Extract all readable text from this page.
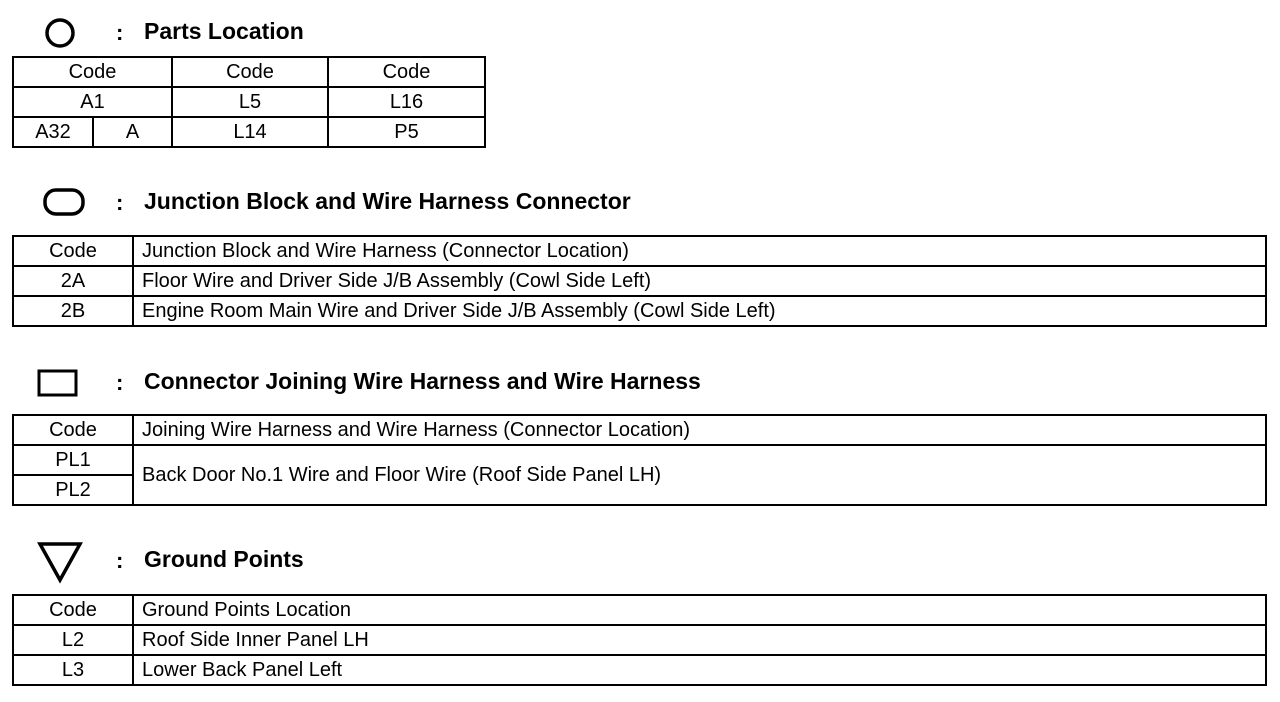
: Parts Location
Code		Code	Code
A1		L5	L16
A32	A	L14	P5
: Junction Block and Wire Harness Connector
Code	Junction Block and Wire Harness (Connector Location)
2A	Floor Wire and Driver Side J/B Assembly (Cowl Side Left)
2B	Engine Room Main Wire and Driver Side J/B Assembly (Cowl Side Left)
: Connector Joining Wire Harness and Wire Harness
Code	Joining Wire Harness and Wire Harness (Connector Location)
PL1	Back Door No.1 Wire and Floor Wire (Roof Side Panel LH)
PL2	
: Ground Points
Code	Ground Points Location
L2	Roof Side Inner Panel LH
L3	Lower Back Panel Left
